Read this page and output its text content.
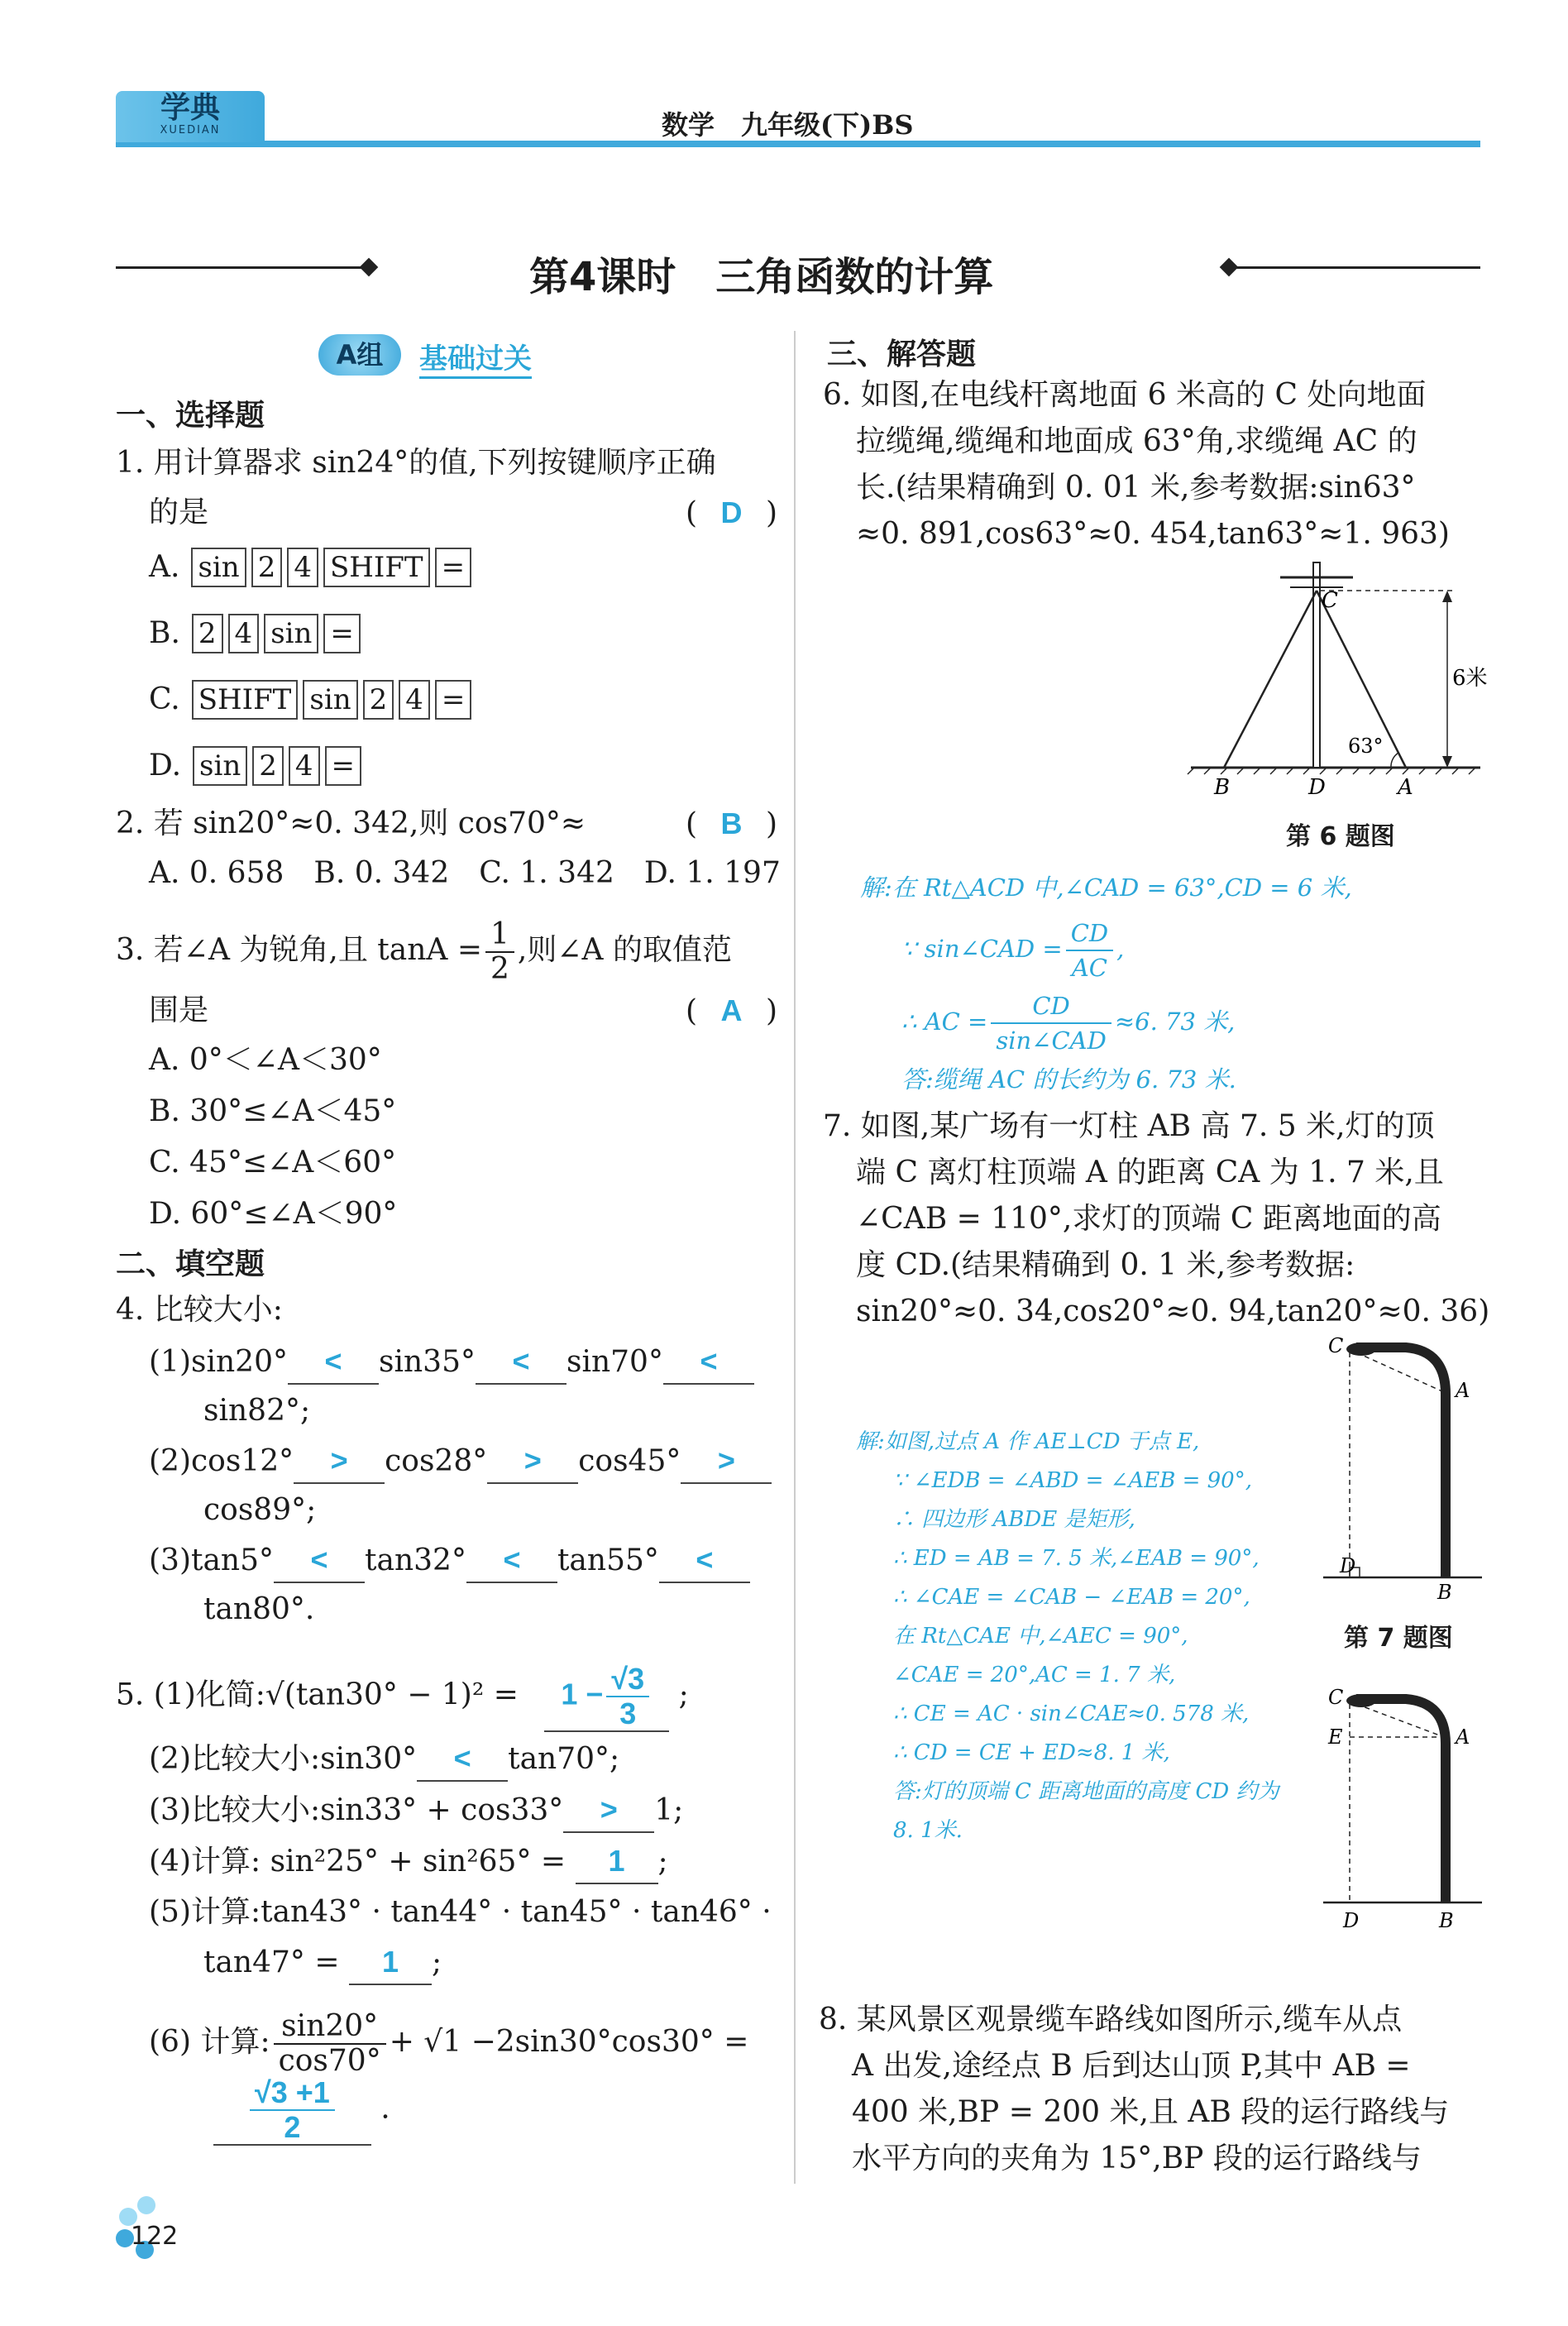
学典
XUEDIAN	数学　九年级(下)BS
第4课时　三角函数的计算
A组	基础过关
一、选择题
1. 用计算器求 sin24°的值,下列按键顺序正确
的是	( D )
A. sin 2 4 SHIFT =
B. 2 4 sin =
C. SHIFT sin 2 4 =
D. sin 2 4 =
2. 若 sin20°≈0. 342,则 cos70°≈	( B )
A. 0. 658　B. 0. 342　C. 1. 342　D. 1. 197
3. 若∠A 为锐角,且 $\tan A = \frac{1}{2}$ ,则∠A 的取值范
围是	( A )
A. 0°＜∠A＜30°
B. 30°≤∠A＜45°
C. 45°≤∠A＜60°
D. 60°≤∠A＜90°
二、填空题
4. 比较大小:
(1)sin20° < sin35° < sin70° <
sin82°;
(2)cos12° > cos28° > cos45° >
cos89°;
(3)tan5° < tan32° < tan55° <
tan80°.
5. (1)化简:√(tan30° − $1)^2 = 1 - \frac{√3}{3}$ ;
(2)比较大小:sin30° < tan70°;
(3)比较大小:sin33° + cos33° > 1;
(4)计算: sin²25° + sin²65° = 1 ;
(5)计算:tan43° · tan44° · tan45° · tan46° ·
tan47° = 1 ;
(6) 计算: $\frac{\sin 20^\circ}{\cos 70^\circ} + √1 -2\sin 30^\circ\cos 30^\circ$ =
$\frac{√3 +1}{2}$ .
122
三、解答题
6. 如图,在电线杆离地面 6 米高的 C 处向地面
拉缆绳,缆绳和地面成 63°角,求缆绳 AC 的
长.(结果精确到 0. 01 米,参考数据:sin63°
≈0. 891,cos63°≈0. 454,tan63°≈1. 963)
C
6米
63°
B	D	A
第 6 题图
解:在 Rt△ACD 中,∠CAD = 63°,CD = 6 米,
∵ sin∠CAD = $\frac{CD}{AC}$ ,
∴ AC = $\frac{CD}{\text{sin∠CAD}} \approx 6$. 73 米,
答:缆绳 AC 的长约为 6. 73 米.
7. 如图,某广场有一灯柱 AB 高 7. 5 米,灯的顶
端 C 离灯柱顶端 A 的距离 CA 为 1. 7 米,且
∠CAB = 110°,求灯的顶端 C 距离地面的高
度 CD.(结果精确到 0. 1 米,参考数据:
sin20°≈0. 34,cos20°≈0. 94,tan20°≈0. 36)
C
A
D
B
第 7 题图
C
E	A
D	B
解:如图,过点 A 作 AE⊥CD 于点 E,
∵ ∠EDB = ∠ABD = ∠AEB = 90°,
∴ 四边形 ABDE 是矩形,
∴ ED = AB = 7. 5 米,∠EAB = 90°,
∴ ∠CAE = ∠CAB − ∠EAB = 20°,
在 Rt△CAE 中,∠AEC = 90°,
∠CAE = 20°,AC = 1. 7 米,
∴ CE = AC · sin∠CAE≈0. 578 米,
∴ CD = CE + ED≈8. 1 米,
答:灯的顶端 C 距离地面的高度 CD 约为
8. 1米.
8. 某风景区观景缆车路线如图所示,缆车从点
A 出发,途经点 B 后到达山顶 P,其中 AB =
400 米,BP = 200 米,且 AB 段的运行路线与
水平方向的夹角为 15°,BP 段的运行路线与
